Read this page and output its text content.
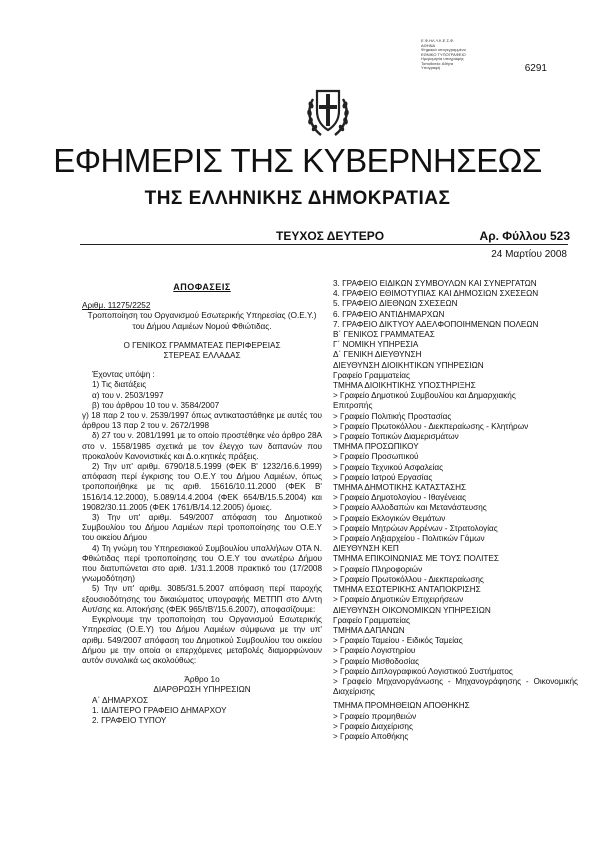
Ε.Φ.ΗΛ.Υ.Κ.Ε.Σ.Φ.
ΑΘΗΝΑ
Ψηφιακά υπογεγραμμένο
ΕΘΝΙΚΟ ΤΥΠΟΓΡΑΦΕΙΟ
Ημερομηνία υπογραφής
Τοποθεσία: Αθήνα
Υπογραφή	6291
ΕΦΗΜΕΡΙΣ ΤΗΣ ΚΥΒΕΡΝΗΣΕΩΣ
ΤΗΣ ΕΛΛΗΝΙΚΗΣ ΔΗΜΟΚΡΑΤΙΑΣ
ΤΕΥΧΟΣ ΔΕΥΤΕΡΟ	Αρ. Φύλλου 523
24 Μαρτίου 2008
ΑΠΟΦΑΣΕΙΣ
Αριθμ. 11275/2252
Τροποποίηση του Οργανισμού Εσωτερικής Υπηρεσίας (Ο.Ε.Υ.) του Δήμου Λαμιέων Νομού Φθιώτιδας.
Ο ΓΕΝΙΚΟΣ ΓΡΑΜΜΑΤΕΑΣ ΠΕΡΙΦΕΡΕΙΑΣ
ΣΤΕΡΕΑΣ ΕΛΛΑΔΑΣ
Έχοντας υπόψη :
1) Τις διατάξεις
α) του ν. 2503/1997
β) του άρθρου 10 του ν. 3584/2007
γ) 18 παρ 2 του ν. 2539/1997 όπως αντικαταστάθηκε με αυτές του άρθρου 13 παρ 2 του ν. 2672/1998
δ) 27 του ν. 2081/1991 με το οποίο προστέθηκε νέο άρθρο 28Α στο ν. 1558/1985 σχετικά με τον έλεγχο των δαπανών που προκαλούν Κανονιστικές και Δ.ο.κητικές πράξεις.
2) Την υπ' αριθμ. 6790/18.5.1999 (ΦΕΚ Β' 1232/16.6.1999) απόφαση περί έγκρισης του Ο.Ε.Υ του Δήμου Λαμιέων, όπως τροποποιήθηκε με τις αριθ. 15616/10.11.2000 (ΦΕΚ Β' 1516/14.12.2000), 5.089/14.4.2004 (ΦΕΚ 654/Β/15.5.2004) και 19082/30.11.2005 (ΦΕΚ 1761/Β/14.12.2005) όμοιες.
3) Την υπ' αριθμ. 549/2007 απόφαση του Δημοτικού Συμβουλίου του Δήμου Λαμιέων περί τροποποίησης του Ο.Ε.Υ του οικείου Δήμου
4) Τη γνώμη του Υπηρεσιακού Συμβουλίου υπαλλήλων ΟΤΑ Ν. Φθιώτιδας περί τροποποίησης του Ο.Ε.Υ του ανωτέρω Δήμου που διατυπώνεται στο αριθ. 1/31.1.2008 πρακτικό του (17/2008 γνωμοδότηση)
5) Την υπ' αριθμ. 3085/31.5.2007 απόφαση περί παροχής εξουσιοδότησης του δικαιώματος υπογραφής ΜΕΤΠΠ στο Δ/ντη Αυτ/σης κα. Αποκήσης (ΦΕΚ 965/τΒ'/15.6.2007), αποφασίζουμε:
Εγκρίνουμε την τροποποίηση του Οργανισμού Εσωτερικής Υπηρεσίας (Ο.Ε.Υ) του Δήμου Λαμιέων σύμφωνα με την υπ' αριθμ. 549/2007 απόφαση του Δημοτικού Συμβουλίου του οικείου Δήμου με την οποία οι επερχόμενες μεταβολές διαμορφώνουν αυτόν συνολικά ως ακολούθως:
Άρθρο 1ο
ΔΙΑΡΘΡΩΣΗ ΥΠΗΡΕΣΙΩΝ
Α΄ ΔΗΜΑΡΧΟΣ
1. ΙΔΙΑΙΤΕΡΟ ΓΡΑΦΕΙΟ ΔΗΜΑΡΧΟΥ
2. ΓΡΑΦΕΙΟ ΤΥΠΟΥ
3. ΓΡΑΦΕΙΟ ΕΙΔΙΚΩΝ ΣΥΜΒΟΥΛΩΝ ΚΑΙ ΣΥΝΕΡΓΑΤΩΝ
4. ΓΡΑΦΕΙΟ ΕΘΙΜΟΤΥΠΙΑΣ ΚΑΙ ΔΗΜΟΣΙΩΝ ΣΧΕΣΕΩΝ
5. ΓΡΑΦΕΙΟ ΔΙΕΘΝΩΝ ΣΧΕΣΕΩΝ
6. ΓΡΑΦΕΙΟ ΑΝΤΙΔΗΜΑΡΧΩΝ
7. ΓΡΑΦΕΙΟ ΔΙΚΤΥΟΥ ΑΔΕΛΦΟΠΟΙΗΜΕΝΩΝ ΠΟΛΕΩΝ
Β΄ ΓΕΝΙΚΟΣ ΓΡΑΜΜΑΤΕΑΣ
Γ΄ ΝΟΜΙΚΗ ΥΠΗΡΕΣΙΑ
Δ΄ ΓΕΝΙΚΗ ΔΙΕΥΘΥΝΣΗ
ΔΙΕΥΘΥΝΣΗ ΔΙΟΙΚΗΤΙΚΩΝ ΥΠΗΡΕΣΙΩΝ
Γραφείο Γραμματείας
ΤΜΗΜΑ ΔΙΟΙΚΗΤΙΚΗΣ ΥΠΟΣΤΗΡΙΞΗΣ
> Γραφείο Δημοτικού Συμβουλίου και Δημαρχιακής
Επιτροπής
> Γραφείο Πολιτικής Προστασίας
> Γραφείο Πρωτοκόλλου - Διεκπεραίωσης - Κλητήρων
> Γραφείο Τοπικών Διαμερισμάτων
ΤΜΗΜΑ ΠΡΟΣΩΠΙΚΟΥ
> Γραφείο Προσωπικού
> Γραφείο Τεχνικού Ασφαλείας
> Γραφείο Ιατρού Εργασίας
ΤΜΗΜΑ ΔΗΜΟΤΙΚΗΣ ΚΑΤΑΣΤΑΣΗΣ
> Γραφείο Δημοτολογίου - Ιθαγένειας
> Γραφείο Αλλοδαπών και Μετανάστευσης
> Γραφείο Εκλογικών Θεμάτων
> Γραφείο Μητρώων Αρρένων - Στρατολογίας
> Γραφείο Ληξιαρχείου - Πολιτικών Γάμων
ΔΙΕΥΘΥΝΣΗ ΚΕΠ
ΤΜΗΜΑ ΕΠΙΚΟΙΝΩΝΙΑΣ ΜΕ ΤΟΥΣ ΠΟΛΙΤΕΣ
> Γραφείο Πληροφοριών
> Γραφείο Πρωτοκόλλου - Διεκπεραίωσης
ΤΜΗΜΑ ΕΣΩΤΕΡΙΚΗΣ ΑΝΤΑΠΟΚΡΙΣΗΣ
> Γραφείο Δημοτικών Επιχειρήσεων
ΔΙΕΥΘΥΝΣΗ ΟΙΚΟΝΟΜΙΚΩΝ ΥΠΗΡΕΣΙΩΝ
Γραφείο Γραμματείας
ΤΜΗΜΑ ΔΑΠΑΝΩΝ
> Γραφείο Ταμείου - Ειδικός Ταμείας
> Γραφείο Λογιστηρίου
> Γραφείο Μισθοδοσίας
> Γραφείο Διπλογραφικού Λογιστικού Συστήματος
> Γραφείο Μηχανοργάνωσης - Μηχανογράφησης - Οικονομικής Διαχείρισης
ΤΜΗΜΑ ΠΡΟΜΗΘΕΙΩΝ ΑΠΟΘΗΚΗΣ
> Γραφείο προμηθειών
> Γραφείο Διαχείρισης
> Γραφείο Αποθήκης
